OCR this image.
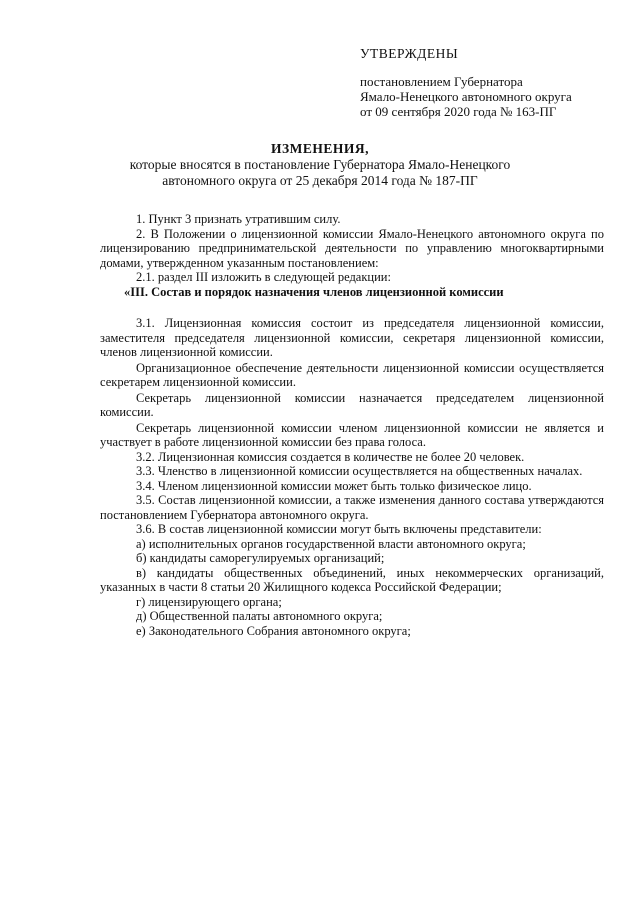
УТВЕРЖДЕНЫ
постановлением Губернатора
Ямало-Ненецкого автономного округа
от 09 сентября 2020 года № 163-ПГ
ИЗМЕНЕНИЯ,
которые вносятся в постановление Губернатора Ямало-Ненецкого автономного округа от 25 декабря 2014 года № 187-ПГ

1. Пункт 3 признать утратившим силу.

2. В Положении о лицензионной комиссии Ямало-Ненецкого автономного округа по лицензированию предпринимательской деятельности по управлению многоквартирными домами, утвержденном указанным постановлением:

2.1. раздел III изложить в следующей редакции:

«III. Состав и порядок назначения членов лицензионной комиссии

3.1. Лицензионная комиссия состоит из председателя лицензионной комиссии, заместителя председателя лицензионной комиссии, секретаря лицензионной комиссии, членов лицензионной комиссии.

Организационное обеспечение деятельности лицензионной комиссии осуществляется секретарем лицензионной комиссии.

Секретарь лицензионной комиссии назначается председателем лицензионной комиссии.

Секретарь лицензионной комиссии членом лицензионной комиссии не является и участвует в работе лицензионной комиссии без права голоса.

3.2. Лицензионная комиссия создается в количестве не более 20 человек.

3.3. Членство в лицензионной комиссии осуществляется на общественных началах.

3.4. Членом лицензионной комиссии может быть только физическое лицо.

3.5. Состав лицензионной комиссии, а также изменения данного состава утверждаются постановлением Губернатора автономного округа.

3.6. В состав лицензионной комиссии могут быть включены представители:

а) исполнительных органов государственной власти автономного округа;

б) кандидаты саморегулируемых организаций;

в) кандидаты общественных объединений, иных некоммерческих организаций, указанных в части 8 статьи 20 Жилищного кодекса Российской Федерации;

г) лицензирующего органа;

д) Общественной палаты автономного округа;

е) Законодательного Собрания автономного округа;
